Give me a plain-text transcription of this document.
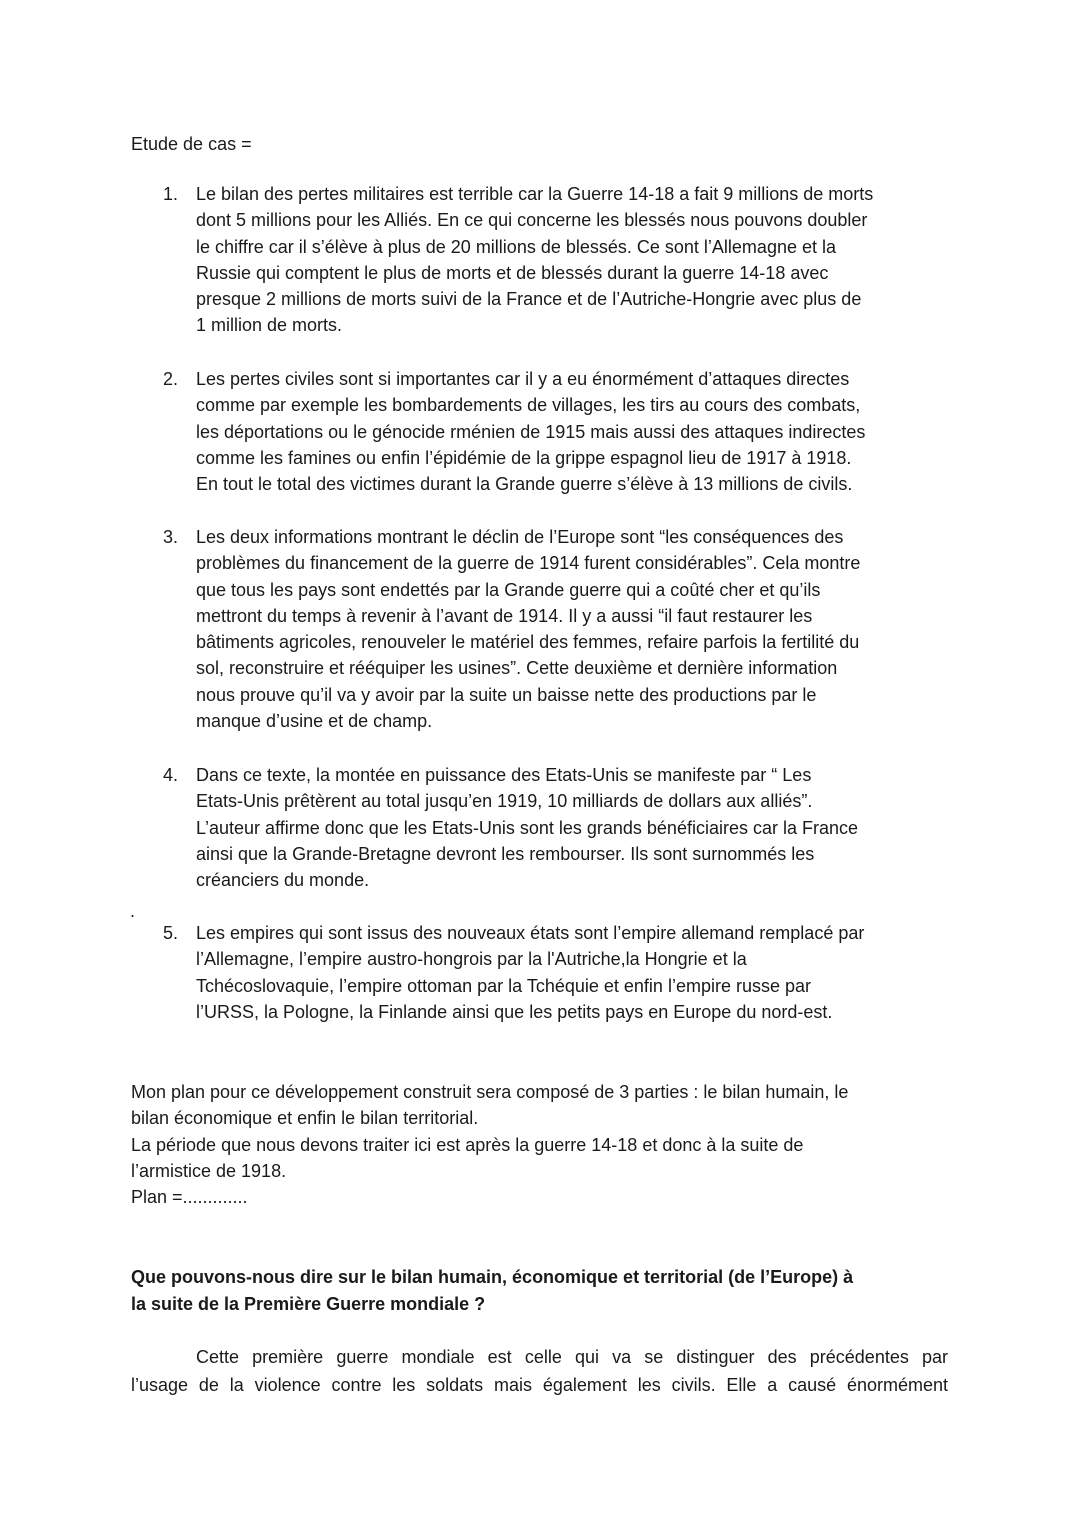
Etude de cas =
1. Le bilan des pertes militaires est terrible car la Guerre 14-18 a fait 9 millions de morts
dont 5 millions pour les Alliés. En ce qui concerne les blessés nous pouvons doubler
le chiffre car il s’élève à plus de 20 millions de blessés. Ce sont l’Allemagne et la
Russie qui comptent le plus de morts et de blessés durant la guerre 14-18 avec
presque 2 millions de morts suivi de la France et de l’Autriche-Hongrie avec plus de
1 million de morts.
2. Les pertes civiles sont si importantes car il y a eu énormément d’attaques directes
comme par exemple les bombardements de villages, les tirs au cours des combats,
les déportations ou le génocide rménien de 1915 mais aussi des attaques indirectes
comme les famines ou enfin l’épidémie de la grippe espagnol lieu de 1917 à 1918.
En tout le total des victimes durant la Grande guerre s’élève à 13 millions de civils.
3. Les deux informations montrant le déclin de l’Europe sont “les conséquences des
problèmes du financement de la guerre de 1914 furent considérables”. Cela montre
que tous les pays sont endettés par la Grande guerre qui a coûté cher et qu’ils
mettront du temps à revenir à l’avant de 1914. Il y a aussi “il faut restaurer les
bâtiments agricoles, renouveler le matériel des femmes, refaire parfois la fertilité du
sol, reconstruire et rééquiper les usines”. Cette deuxième et dernière information
nous prouve qu’il va y avoir par la suite un baisse nette des productions par le
manque d’usine et de champ.
4. Dans ce texte, la montée en puissance des Etats-Unis se manifeste par “ Les
Etats-Unis prêtèrent au total jusqu’en 1919, 10 milliards de dollars aux alliés”.
L’auteur affirme donc que les Etats-Unis sont les grands bénéficiaires car la France
ainsi que la Grande-Bretagne devront les rembourser. Ils sont surnommés les
créanciers du monde.
5. Les empires qui sont issus des nouveaux états sont l’empire allemand remplacé par
l’Allemagne, l’empire austro-hongrois par la l'Autriche,la Hongrie et la
Tchécoslovaquie, l’empire ottoman par la Tchéquie et enfin l’empire russe par
l’URSS, la Pologne, la Finlande ainsi que les petits pays en Europe du nord-est.
.
Mon plan pour ce développement construit sera composé de 3 parties : le bilan humain, le
bilan économique et enfin le bilan territorial.
La période que nous devons traiter ici est après la guerre 14-18 et donc à la suite de
l’armistice de 1918.
Plan =.............
Que pouvons-nous dire sur le bilan humain, économique et territorial (de l’Europe) à
la suite de la Première Guerre mondiale ?
Cette première guerre mondiale est celle qui va se distinguer des précédentes par
l’usage de la violence contre les soldats mais également les civils. Elle a causé énormément
